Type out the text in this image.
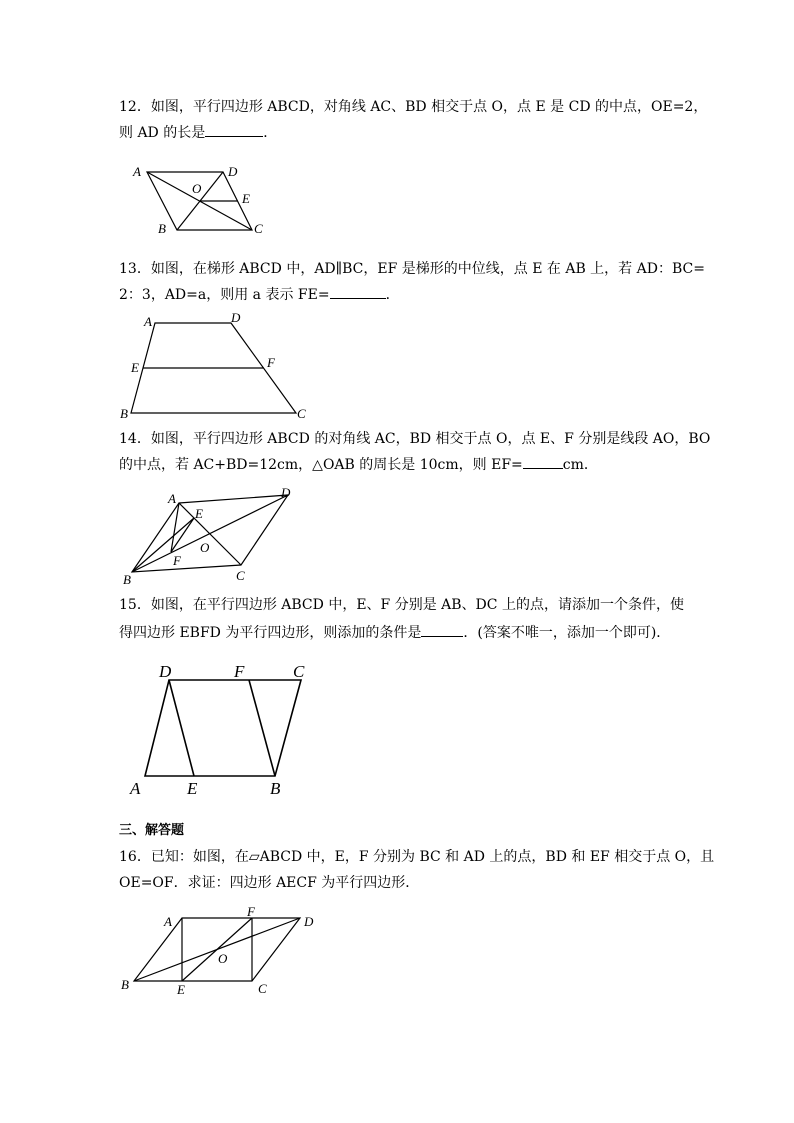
12．如图，平行四边形 ABCD，对角线 AC、BD 相交于点 O，点 E 是 CD 的中点，OE=2，
则 AD 的长是	．
A	D
O
E
B	C
13．如图，在梯形 ABCD 中，AD∥BC，EF 是梯形的中位线，点 E 在 AB 上，若 AD：BC=
2：3，AD=a，则用 a 表示 FE=	．
A	D
E	F
B	C
14．如图，平行四边形 ABCD 的对角线 AC，BD 相交于点 O，点 E、F 分别是线段 AO，BO
的中点，若 AC+BD=12cm，△OAB 的周长是 10cm，则 EF=	cm．
A	D
E
O
F
B	C
15．如图，在平行四边形 ABCD 中，E、F 分别是 AB、DC 上的点，请添加一个条件，使
得四边形 EBFD 为平行四边形，则添加的条件是	．(答案不唯一，添加一个即可)．
D	F	C
A	E	B
三、解答题
16．已知：如图，在▱ABCD 中，E，F 分别为 BC 和 AD 上的点，BD 和 EF 相交于点 O，且
OE=OF．求证：四边形 AECF 为平行四边形．
A
F
D
O
B	E	C
